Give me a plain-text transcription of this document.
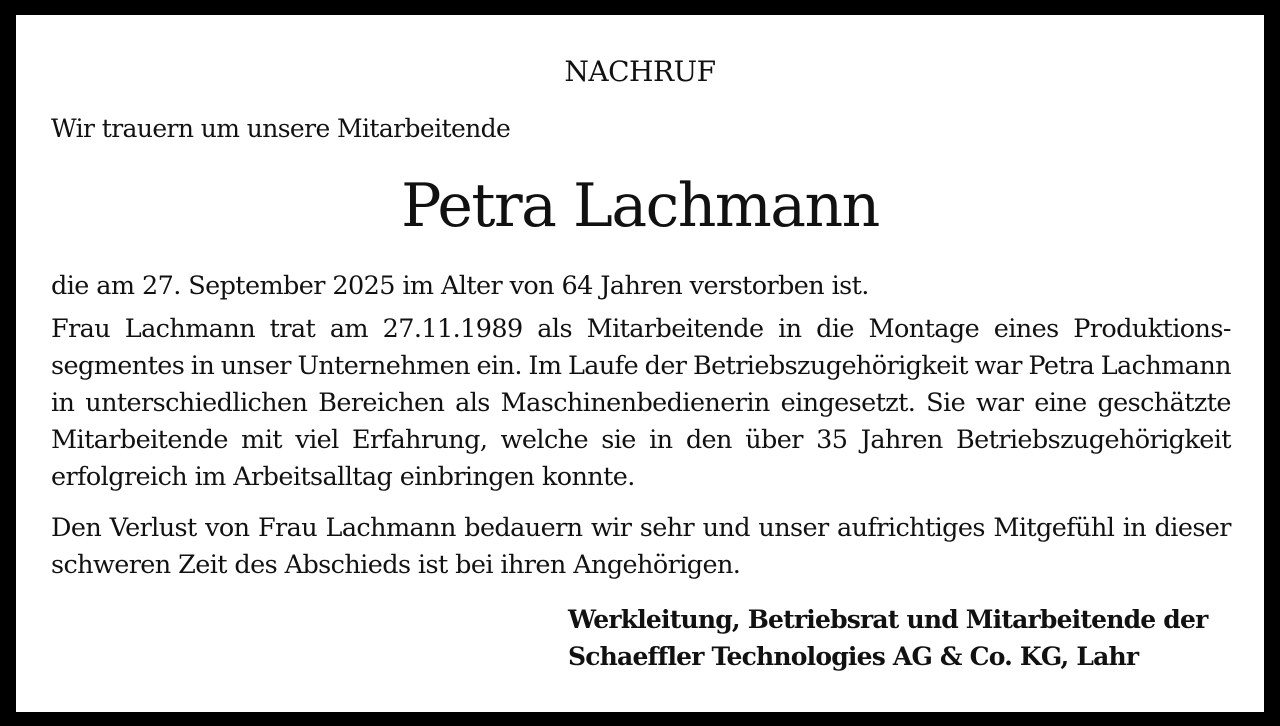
NACHRUF

Wir trauern um unsere Mitarbeitende

Petra Lachmann

die am 27. September 2025 im Alter von 64 Jahren verstorben ist.

Frau Lachmann trat am 27.11.1989 als Mitarbeitende in die Montage eines Produktions-

segmentes in unser Unternehmen ein. Im Laufe der Betriebszugehörigkeit war Petra Lachmann

in unterschiedlichen Bereichen als Maschinenbedienerin eingesetzt. Sie war eine geschätzte

Mitarbeitende mit viel Erfahrung, welche sie in den über 35 Jahren Betriebszugehörigkeit

erfolgreich im Arbeitsalltag einbringen konnte.

Den Verlust von Frau Lachmann bedauern wir sehr und unser aufrichtiges Mitgefühl in dieser

schweren Zeit des Abschieds ist bei ihren Angehörigen.

Werkleitung, Betriebsrat und Mitarbeitende der

Schaeffler Technologies AG & Co. KG, Lahr
